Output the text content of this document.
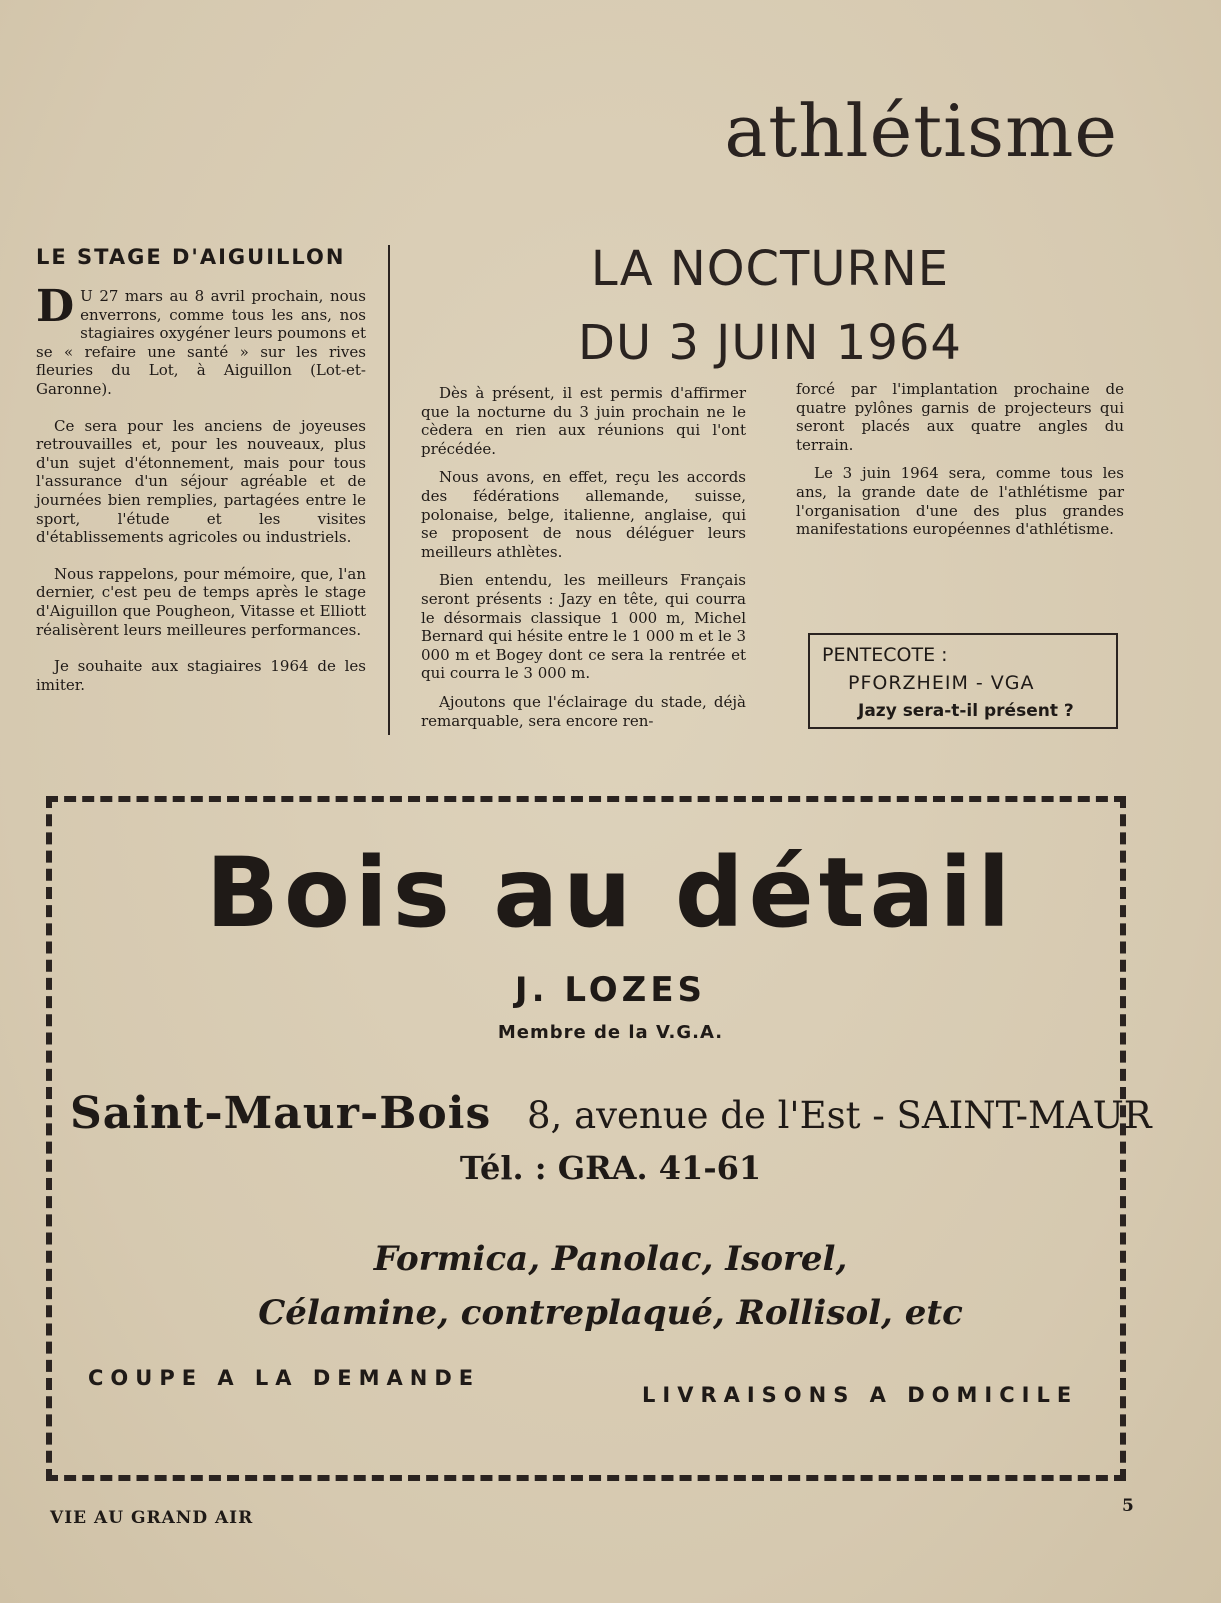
athlétisme
LE STAGE D'AIGUILLON

D U 27 mars au 8 avril prochain, nous enverrons, comme tous les ans, nos stagiaires oxygéner leurs poumons et se « refaire une santé » sur les rives fleuries du Lot, à Aiguillon (Lot-et-Garonne).

Ce sera pour les anciens de joyeuses retrouvailles et, pour les nouveaux, plus d'un sujet d'étonnement, mais pour tous l'assurance d'un séjour agréable et de journées bien remplies, partagées entre le sport, l'étude et les visites d'établissements agricoles ou industriels.

Nous rappelons, pour mémoire, que, l'an dernier, c'est peu de temps après le stage d'Aiguillon que Pougheon, Vitasse et Elliott réalisèrent leurs meilleures performances.

Je souhaite aux stagiaires 1964 de les imiter.

LA NOCTURNE
DU 3 JUIN 1964

Dès à présent, il est permis d'affirmer que la nocturne du 3 juin prochain ne le cèdera en rien aux réunions qui l'ont précédée.

Nous avons, en effet, reçu les accords des fédérations allemande, suisse, polonaise, belge, italienne, anglaise, qui se proposent de nous déléguer leurs meilleurs athlètes.

Bien entendu, les meilleurs Français seront présents : Jazy en tête, qui courra le désormais classique 1 000 m, Michel Bernard qui hésite entre le 1 000 m et le 3 000 m et Bogey dont ce sera la rentrée et qui courra le 3 000 m.

Ajoutons que l'éclairage du stade, déjà remarquable, sera encore ren-

forcé par l'implantation prochaine de quatre pylônes garnis de projecteurs qui seront placés aux quatre angles du terrain.

Le 3 juin 1964 sera, comme tous les ans, la grande date de l'athlétisme par l'organisation d'une des plus grandes manifestations européennes d'athlétisme.

PENTECOTE :
PFORZHEIM - VGA
Jazy sera-t-il présent ?
Bois au détail
J. LOZES
Membre de la V.G.A.
Saint-Maur-Bois 8, avenue de l'Est - SAINT-MAUR
Tél. : GRA. 41-61
Formica, Panolac, Isorel,
Célamine, contreplaqué, Rollisol, etc
COUPE A LA DEMANDE
LIVRAISONS A DOMICILE
VIE AU GRAND AIR
5
